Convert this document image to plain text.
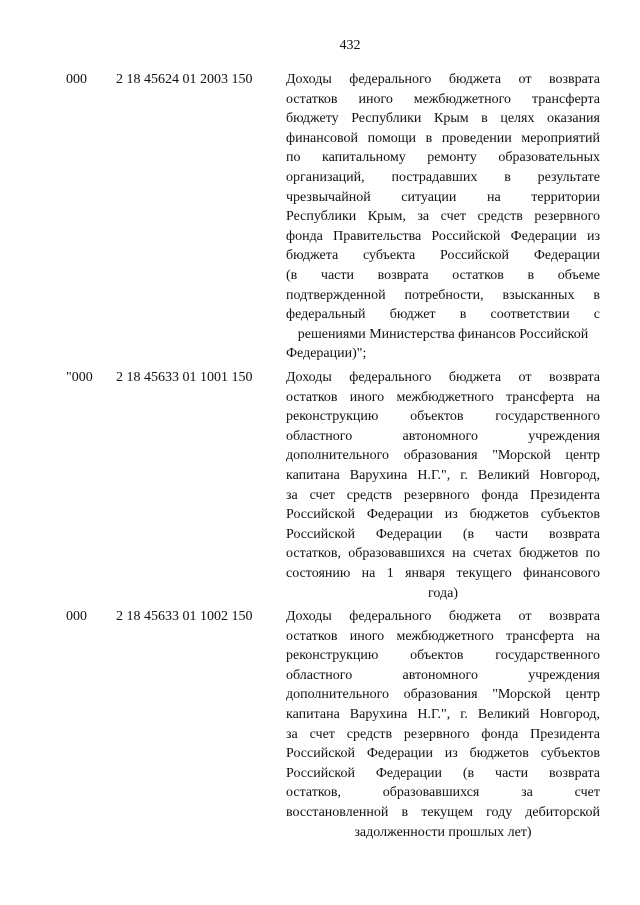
432
000 2 18 45624 01 2003 150 Доходы федерального бюджета от возврата
остатков иного межбюджетного трансферта
бюджету Республики Крым в целях оказания
финансовой помощи в проведении мероприятий
по капитальному ремонту образовательных
организаций, пострадавших в результате
чрезвычайной ситуации на территории
Республики Крым, за счет средств резервного
фонда Правительства Российской Федерации из
бюджета субъекта Российской Федерации
(в части возврата остатков в объеме
подтвержденной потребности, взысканных в
федеральный бюджет в соответствии с
решениями Министерства финансов Российской
Федерации)";
"000 2 18 45633 01 1001 150 Доходы федерального бюджета от возврата
остатков иного межбюджетного трансферта на
реконструкцию объектов государственного
областного автономного учреждения
дополнительного образования "Морской центр
капитана Варухина Н.Г.", г. Великий Новгород,
за счет средств резервного фонда Президента
Российской Федерации из бюджетов субъектов
Российской Федерации (в части возврата
остатков, образовавшихся на счетах бюджетов по
состоянию на 1 января текущего финансового
года)
000 2 18 45633 01 1002 150 Доходы федерального бюджета от возврата
остатков иного межбюджетного трансферта на
реконструкцию объектов государственного
областного автономного учреждения
дополнительного образования "Морской центр
капитана Варухина Н.Г.", г. Великий Новгород,
за счет средств резервного фонда Президента
Российской Федерации из бюджетов субъектов
Российской Федерации (в части возврата
остатков, образовавшихся за счет
восстановленной в текущем году дебиторской
задолженности прошлых лет)
